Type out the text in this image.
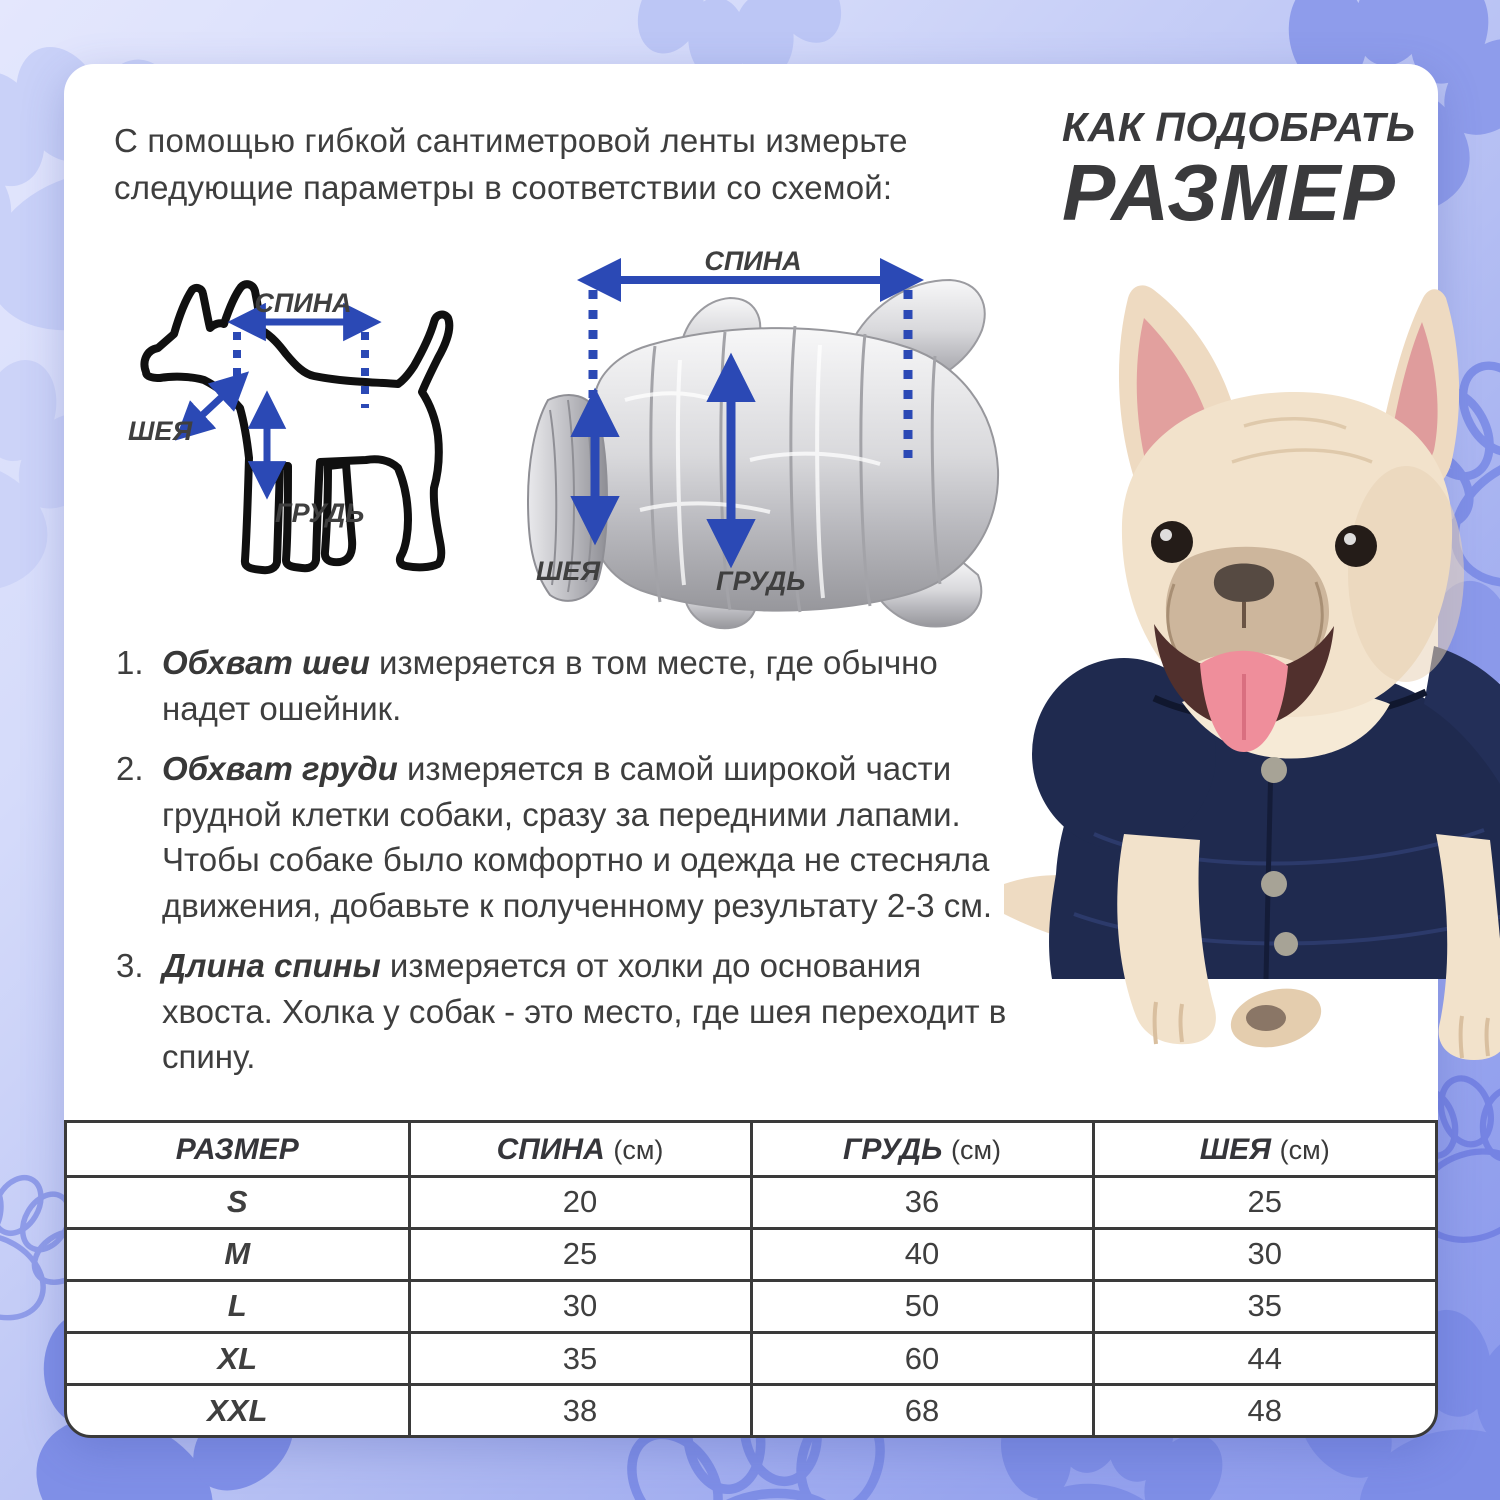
С помощью гибкой сантиметровой ленты измерьте следующие параметры в соответствии со схемой:
КАК ПОДОБРАТЬ
РАЗМЕР
СПИНА
ШЕЯ
ГРУДЬ
СПИНА
ШЕЯ	ГРУДЬ
1. Обхват шеи измеряется в том месте, где обычно надет ошейник.
2. Обхват груди измеряется в самой широкой части грудной клетки собаки, сразу за передними лапами. Чтобы собаке было комфортно и одежда не стесняла движения, добавьте к полученному результату 2-3 см.
3. Длина спины измеряется от холки до основания хвоста. Холка у собак - это место, где шея переходит в спину.
РАЗМЕР	СПИНА (см)	ГРУДЬ (см)	ШЕЯ (см)
S	20	36	25
M	25	40	30
L	30	50	35
XL	35	60	44
XXL	38	68	48
